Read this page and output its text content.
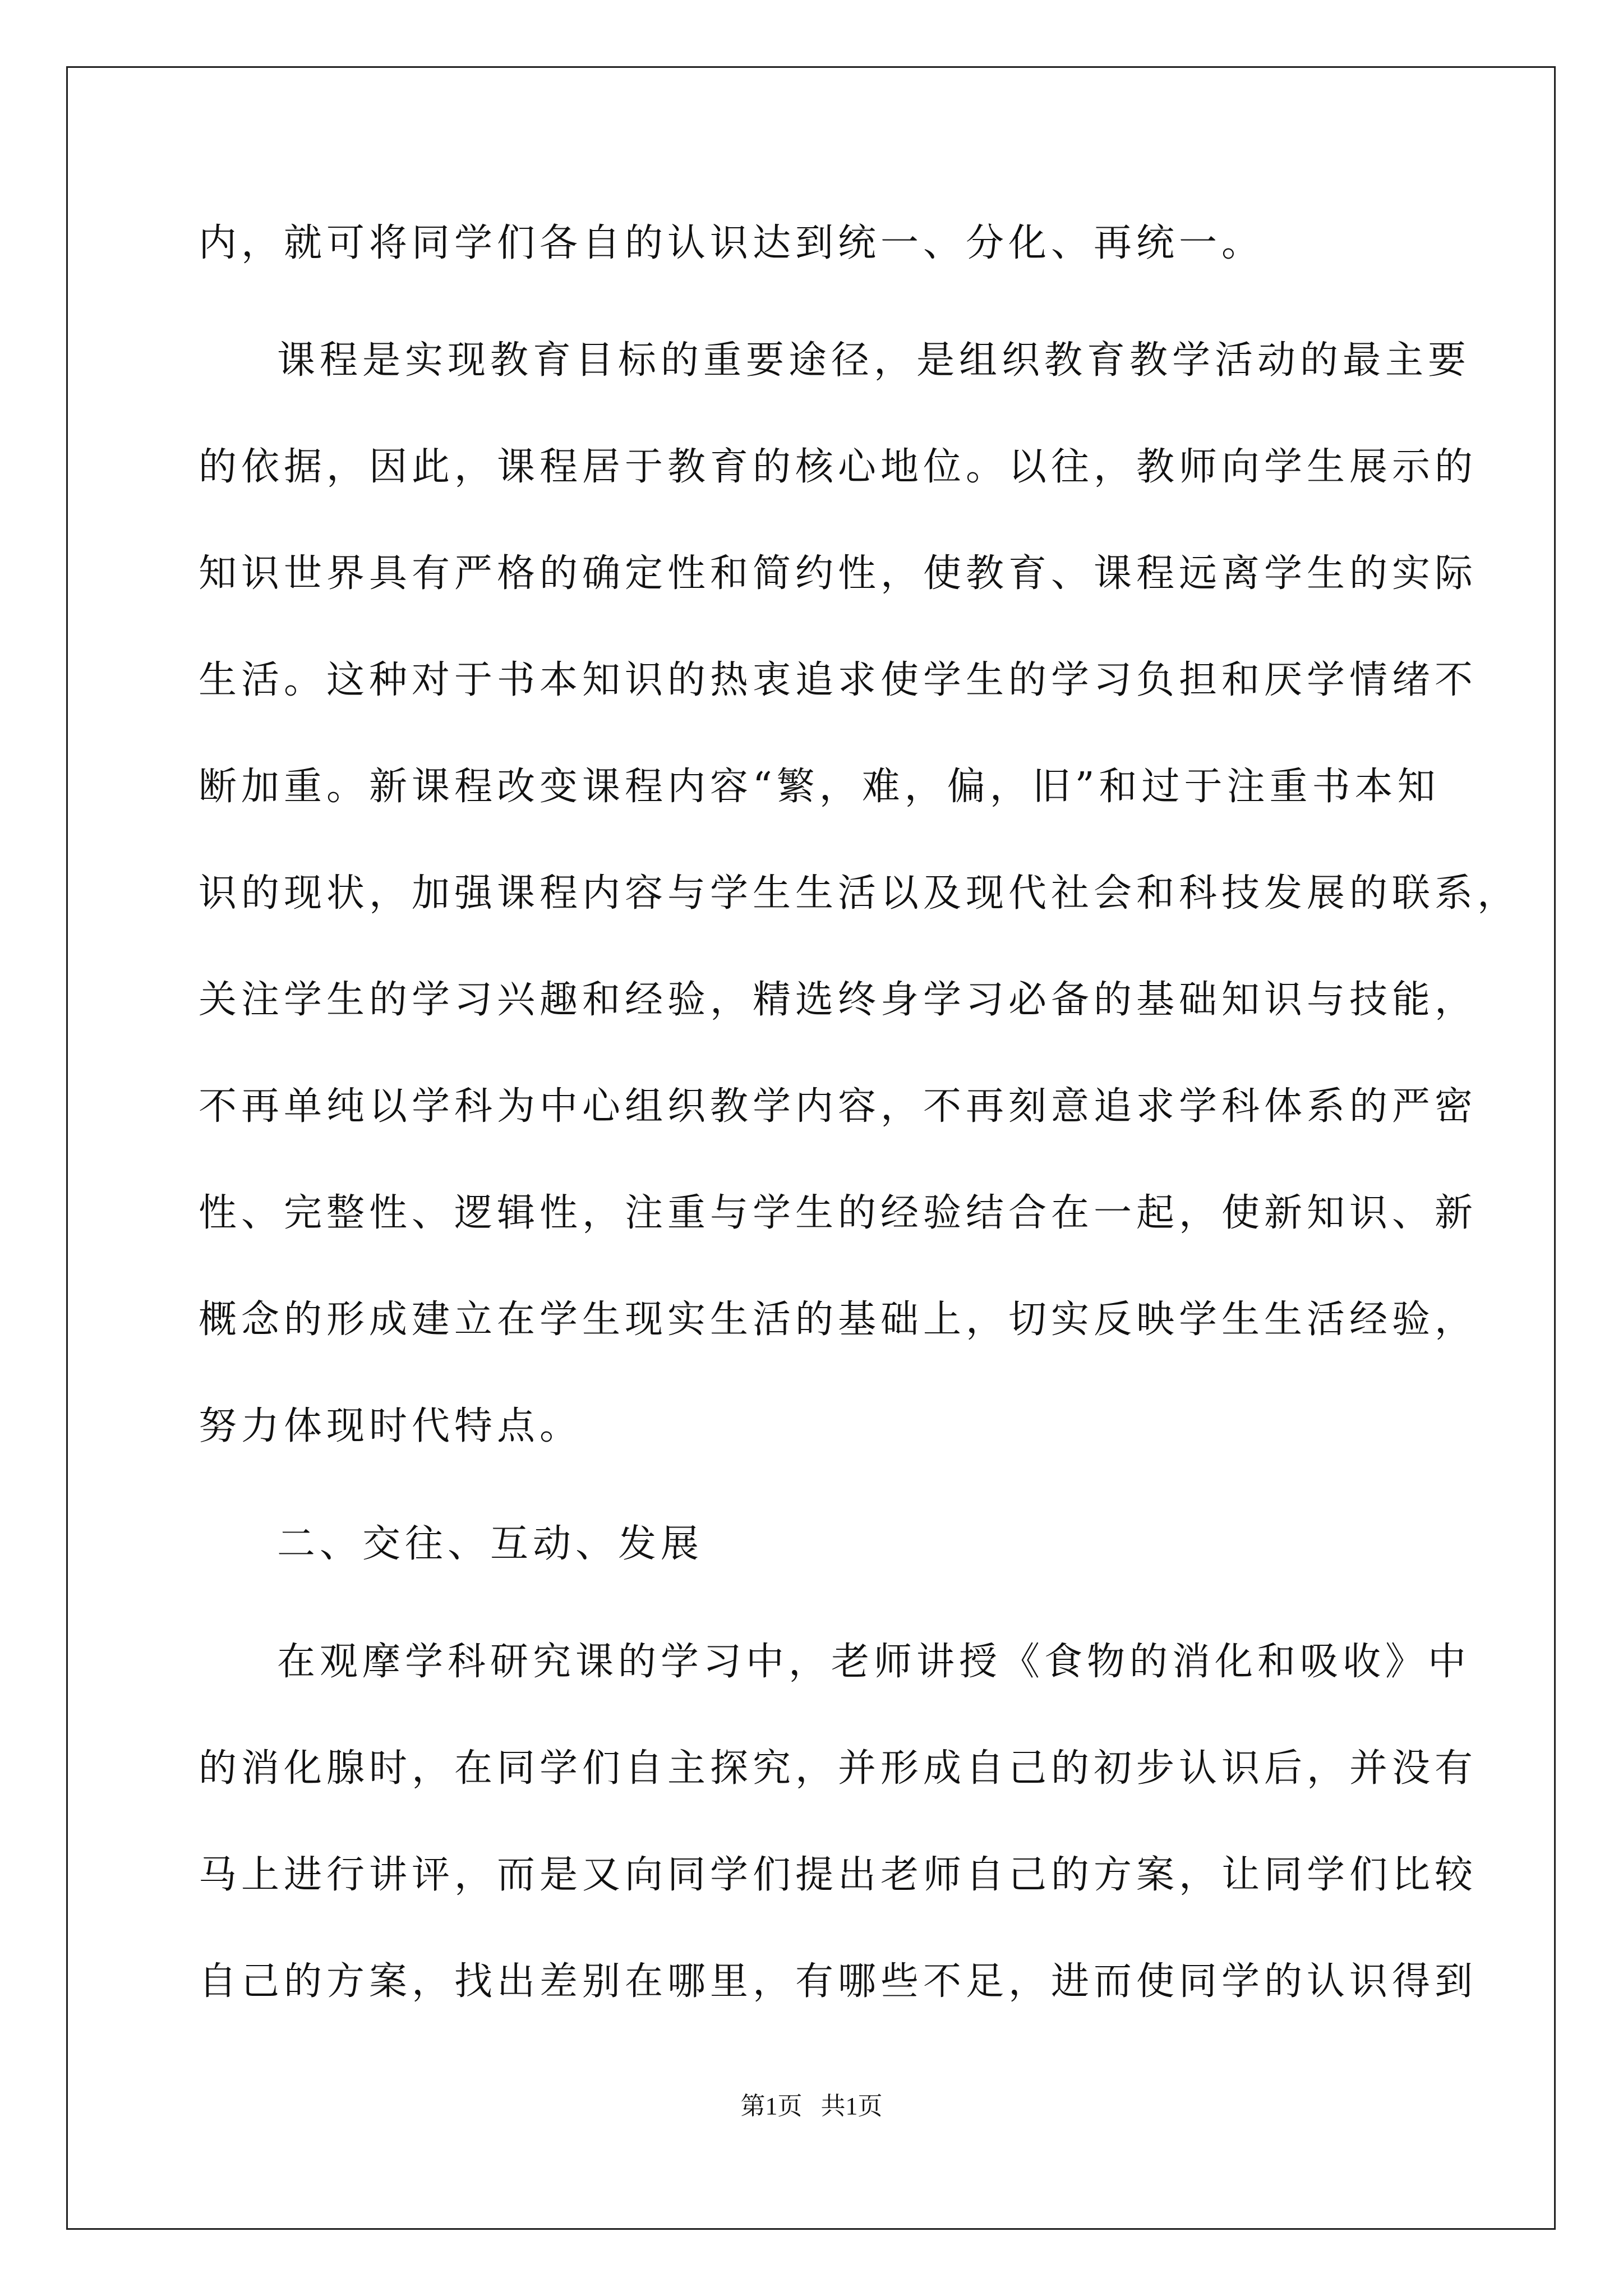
内，就可将同学们各自的认识达到统一、分化、再统一。
课程是实现教育目标的重要途径，是组织教育教学活动的最主要
的依据，因此，课程居于教育的核心地位。以往，教师向学生展示的
知识世界具有严格的确定性和简约性，使教育、课程远离学生的实际
生活。这种对于书本知识的热衷追求使学生的学习负担和厌学情绪不
断加重。新课程改变课程内容“繁，难，偏，旧”和过于注重书本知
识的现状，加强课程内容与学生生活以及现代社会和科技发展的联系，
关注学生的学习兴趣和经验，精选终身学习必备的基础知识与技能，
不再单纯以学科为中心组织教学内容，不再刻意追求学科体系的严密
性、完整性、逻辑性，注重与学生的经验结合在一起，使新知识、新
概念的形成建立在学生现实生活的基础上，切实反映学生生活经验，
努力体现时代特点。
二、交往、互动、发展
在观摩学科研究课的学习中，老师讲授《食物的消化和吸收》中
的消化腺时，在同学们自主探究，并形成自己的初步认识后，并没有
马上进行讲评，而是又向同学们提出老师自己的方案，让同学们比较
自己的方案，找出差别在哪里，有哪些不足，进而使同学的认识得到
第1页   共1页
